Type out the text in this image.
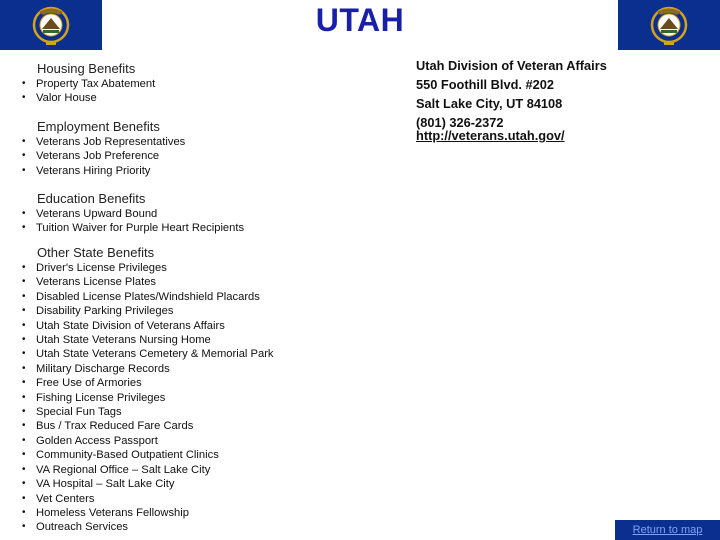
UTAH
Housing Benefits
• Property Tax Abatement
• Valor House
Employment Benefits
• Veterans Job Representatives
• Veterans Job Preference
• Veterans Hiring Priority
Education Benefits
• Veterans Upward Bound
• Tuition Waiver for Purple Heart Recipients
Other State Benefits
• Driver's License Privileges
• Veterans License Plates
• Disabled License Plates/Windshield Placards
• Disability Parking Privileges
• Utah State Division of Veterans Affairs
• Utah State Veterans Nursing Home
• Utah State Veterans Cemetery & Memorial Park
• Military Discharge Records
• Free Use of Armories
• Fishing License Privileges
• Special Fun Tags
• Bus / Trax Reduced Fare Cards
• Golden Access Passport
• Community-Based Outpatient Clinics
• VA Regional Office – Salt Lake City
• VA Hospital – Salt Lake City
• Vet Centers
• Homeless Veterans Fellowship
• Outreach Services
Utah Division of Veteran Affairs
550 Foothill Blvd. #202
Salt Lake City, UT 84108
(801) 326-2372
http://veterans.utah.gov/
Return to map
